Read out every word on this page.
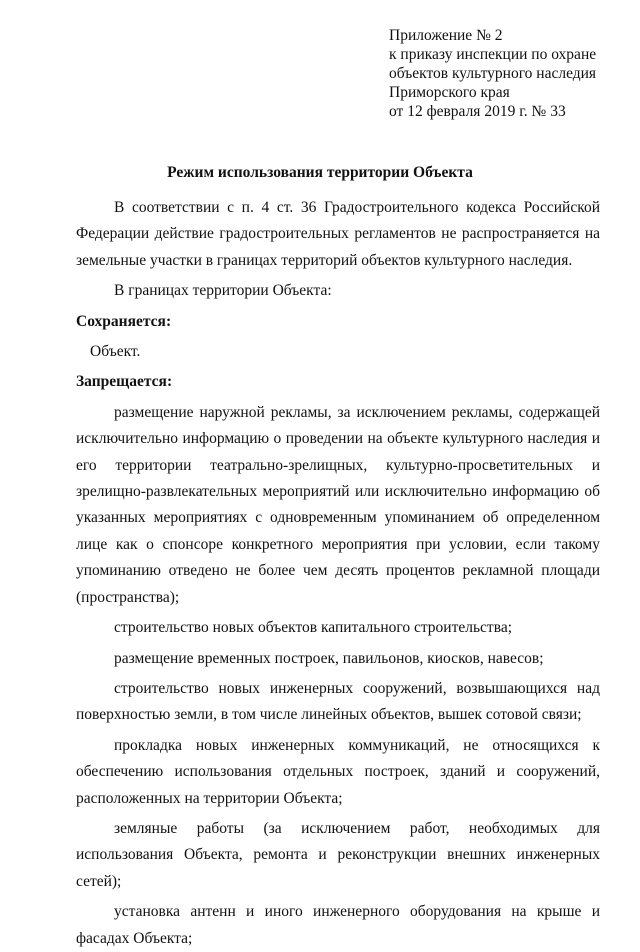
Приложение № 2
к приказу инспекции по охране
объектов культурного наследия
Приморского края
от 12 февраля 2019 г. № 33
Режим использования территории Объекта

В соответствии с п. 4 ст. 36 Градостроительного кодекса Российской Федерации действие градостроительных регламентов не распространяется на земельные участки в границах территорий объектов культурного наследия.

В границах территории Объекта:

Сохраняется:

Объект.

Запрещается:

размещение наружной рекламы, за исключением рекламы, содержащей исключительно информацию о проведении на объекте культурного наследия и его территории театрально-зрелищных, культурно-просветительных и зрелищно-развлекательных мероприятий или исключительно информацию об указанных мероприятиях с одновременным упоминанием об определенном лице как о спонсоре конкретного мероприятия при условии, если такому упоминанию отведено не более чем десять процентов рекламной площади (пространства);

строительство новых объектов капитального строительства;

размещение временных построек, павильонов, киосков, навесов;

строительство новых инженерных сооружений, возвышающихся над поверхностью земли, в том числе линейных объектов, вышек сотовой связи;

прокладка новых инженерных коммуникаций, не относящихся к обеспечению использования отдельных построек, зданий и сооружений, расположенных на территории Объекта;

земляные работы (за исключением работ, необходимых для использования Объекта, ремонта и реконструкции внешних инженерных сетей);

установка антенн и иного инженерного оборудования на крыше и фасадах Объекта;
